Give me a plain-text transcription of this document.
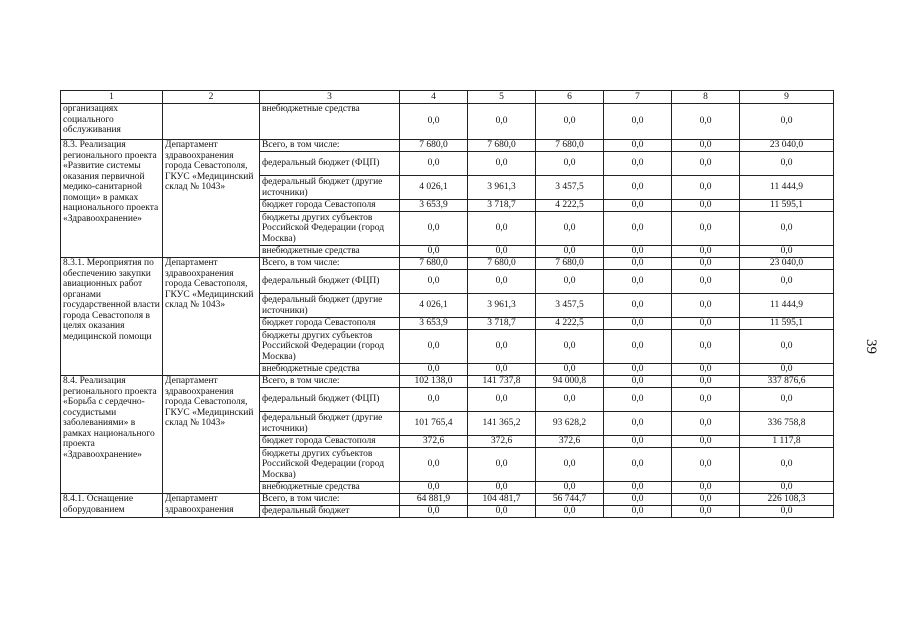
1	2	3	4	5	6	7	8	9
организациях социального обслуживания		внебюджетные средства	0,0	0,0	0,0	0,0	0,0	0,0
8.3. Реализация регионального проекта «Развитие системы оказания первичной медико-санитарной помощи» в рамках национального проекта «Здравоохранение»	Департамент здравоохранения города Севастополя, ГКУС «Медицинский склад № 1043»	Всего, в том числе:	7 680,0	7 680,0	7 680,0	0,0	0,0	23 040,0
		федеральный бюджет (ФЦП)	0,0	0,0	0,0	0,0	0,0	0,0
		федеральный бюджет (другие источники)	4 026,1	3 961,3	3 457,5	0,0	0,0	11 444,9
		бюджет города Севастополя	3 653,9	3 718,7	4 222,5	0,0	0,0	11 595,1
		бюджеты других субъектов Российской Федерации (город Москва)	0,0	0,0	0,0	0,0	0,0	0,0
		внебюджетные средства	0,0	0,0	0,0	0,0	0,0	0,0
8.3.1. Мероприятия по обеспечению закупки авиационных работ органами государственной власти города Севастополя в целях оказания медицинской помощи	Департамент здравоохранения города Севастополя, ГКУС «Медицинский склад № 1043»	Всего, в том числе:	7 680,0	7 680,0	7 680,0	0,0	0,0	23 040,0
		федеральный бюджет (ФЦП)	0,0	0,0	0,0	0,0	0,0	0,0
		федеральный бюджет (другие источники)	4 026,1	3 961,3	3 457,5	0,0	0,0	11 444,9
		бюджет города Севастополя	3 653,9	3 718,7	4 222,5	0,0	0,0	11 595,1
		бюджеты других субъектов Российской Федерации (город Москва)	0,0	0,0	0,0	0,0	0,0	0,0
		внебюджетные средства	0,0	0,0	0,0	0,0	0,0	0,0
8.4. Реализация регионального проекта «Борьба с сердечно-сосудистыми заболеваниями» в рамках национального проекта «Здравоохранение»	Департамент здравоохранения города Севастополя, ГКУС «Медицинский склад № 1043»	Всего, в том числе:	102 138,0	141 737,8	94 000,8	0,0	0,0	337 876,6
		федеральный бюджет (ФЦП)	0,0	0,0	0,0	0,0	0,0	0,0
		федеральный бюджет (другие источники)	101 765,4	141 365,2	93 628,2	0,0	0,0	336 758,8
		бюджет города Севастополя	372,6	372,6	372,6	0,0	0,0	1 117,8
		бюджеты других субъектов Российской Федерации (город Москва)	0,0	0,0	0,0	0,0	0,0	0,0
		внебюджетные средства	0,0	0,0	0,0	0,0	0,0	0,0
8.4.1. Оснащение оборудованием	Департамент здравоохранения	Всего, в том числе:	64 881,9	104 481,7	56 744,7	0,0	0,0	226 108,3
		федеральный бюджет	0,0	0,0	0,0	0,0	0,0	0,0
39
